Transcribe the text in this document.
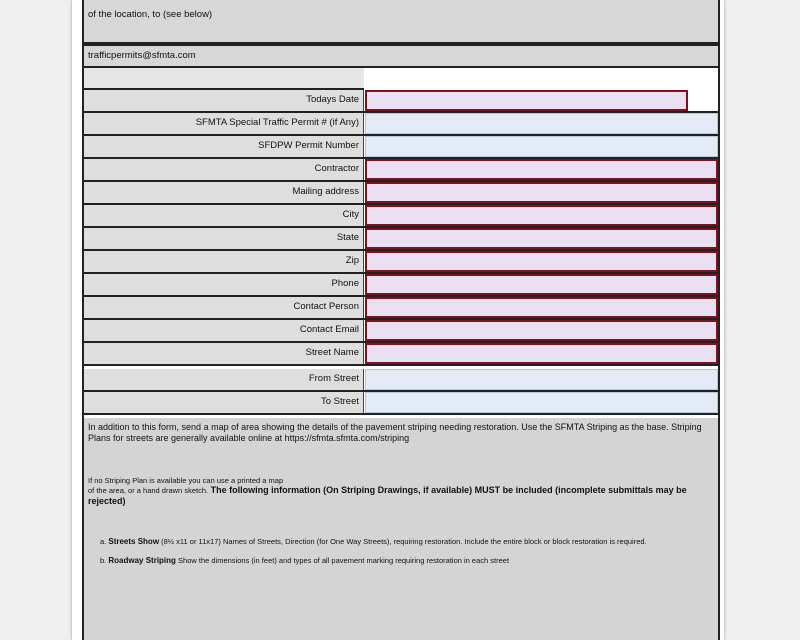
of the location, to (see below)
trafficpermits@sfmta.com
Todays Date
SFMTA Special Traffic Permit # (if Any)
SFDPW Permit Number
Contractor
Mailing address
City
State
Zip
Phone
Contact Person
Contact Email
Street Name
From Street
To Street

In addition to this form, send a map of area showing the details of the pavement striping needing restoration. Use the SFMTA Striping as the base. Striping Plans for streets are generally available online at https://sfmta.sfmta.com/striping

If no Striping Plan is available you can use a printed a map

of the area, or a hand drawn sketch. The following information (On Striping Drawings, if available) MUST be included (incomplete submittals may be rejected)

a. Streets Show (8½ x11 or 11x17) Names of Streets, Direction (for One Way Streets), requiring restoration. Include the entire block or block restoration is required.
b. Roadway Striping Show the dimensions (in feet) and types of all pavement marking requiring restoration in each street
